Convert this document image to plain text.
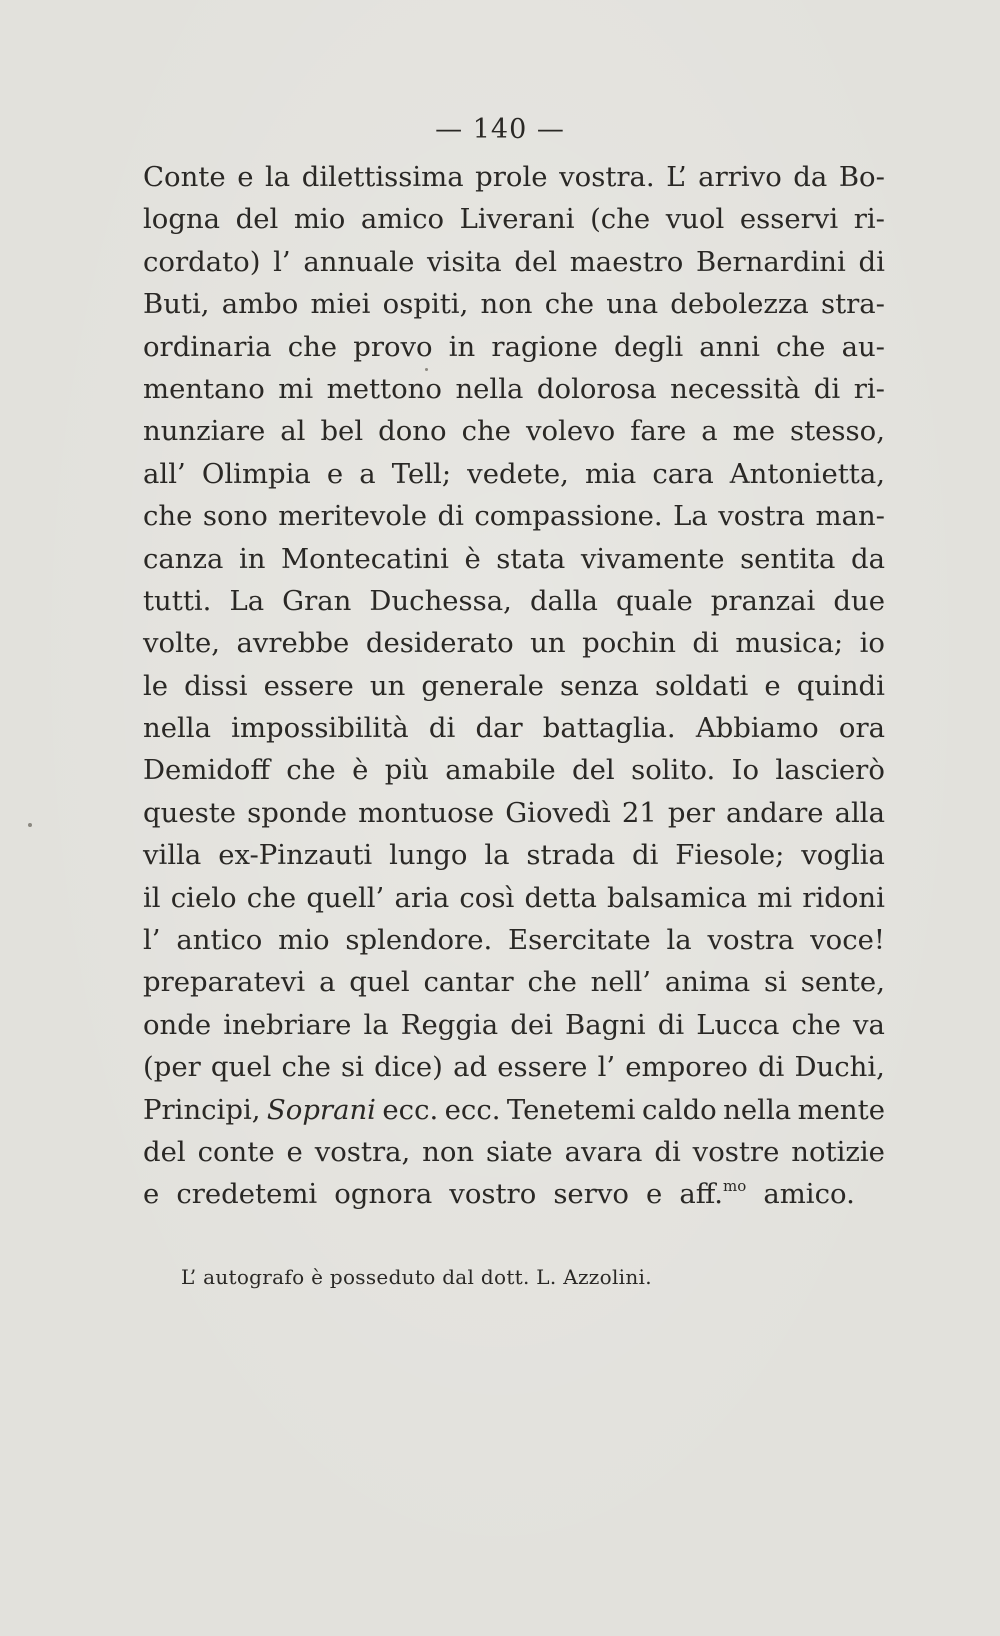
— 140 —
Conte e la dilettissima prole vostra. L’ arrivo da Bo-
logna del mio amico Liverani (che vuol esservi ri-
cordato) l’ annuale visita del maestro Bernardini di
Buti, ambo miei ospiti, non che una debolezza stra-
ordinaria che provo in ragione degli anni che au-
mentano mi mettono nella dolorosa necessità di ri-
nunziare al bel dono che volevo fare a me stesso,
all’ Olimpia e a Tell; vedete, mia cara Antonietta,
che sono meritevole di compassione. La vostra man-
canza in Montecatini è stata vivamente sentita da
tutti. La Gran Duchessa, dalla quale pranzai due
volte, avrebbe desiderato un pochin di musica; io
le dissi essere un generale senza soldati e quindi
nella impossibilità di dar battaglia. Abbiamo ora
Demidoff che è più amabile del solito. Io lascierò
queste sponde montuose Giovedì 21 per andare alla
villa ex-Pinzauti lungo la strada di Fiesole; voglia
il cielo che quell’ aria così detta balsamica mi ridoni
l’ antico mio splendore. Esercitate la vostra voce!
preparatevi a quel cantar che nell’ anima si sente,
onde inebriare la Reggia dei Bagni di Lucca che va
(per quel che si dice) ad essere l’ emporeo di Duchi,
Principi, Soprani ecc. ecc. Tenetemi caldo nella mente
del conte e vostra, non siate avara di vostre notizie
e credetemi ognora vostro servo e aff.$^{mo}$ amico.
L’ autografo è posseduto dal dott. L. Azzolini.
